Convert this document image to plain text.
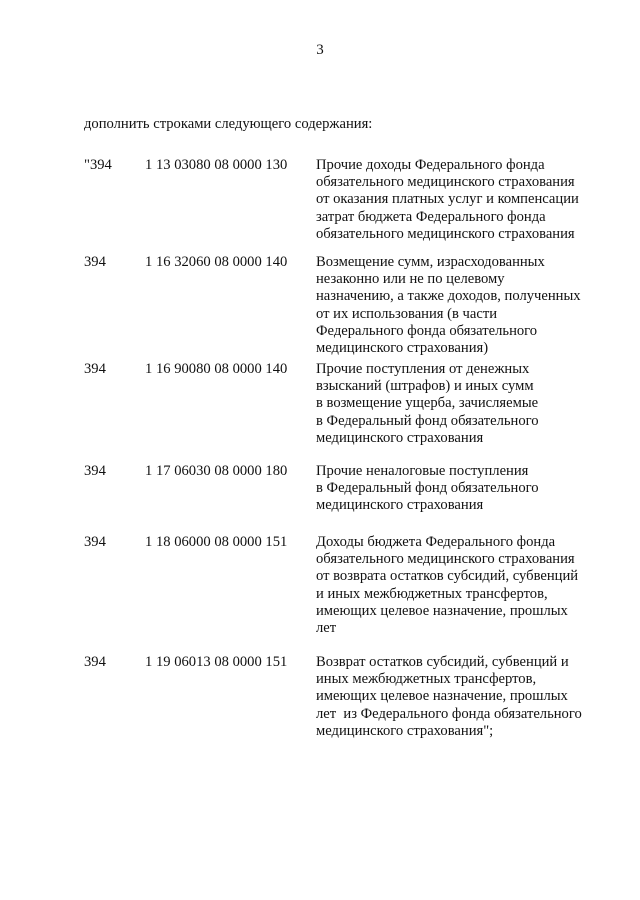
3
дополнить строками следующего содержания:
"394 1 13 03080 08 0000 130 Прочие доходы Федерального фонда
обязательного медицинского страхования
от оказания платных услуг и компенсации
затрат бюджета Федерального фонда
обязательного медицинского страхования
394	1 16 32060 08 0000 140 Возмещение сумм, израсходованных
незаконно или не по целевому
назначению, а также доходов, полученных
от их использования (в части
Федерального фонда обязательного
медицинского страхования)
394	1 16 90080 08 0000 140 Прочие поступления от денежных
взысканий (штрафов) и иных сумм
в возмещение ущерба, зачисляемые
в Федеральный фонд обязательного
медицинского страхования
394	1 17 06030 08 0000 180 Прочие неналоговые поступления
в Федеральный фонд обязательного
медицинского страхования
394	1 18 06000 08 0000 151 Доходы бюджета Федерального фонда
обязательного медицинского страхования
от возврата остатков субсидий, субвенций
и иных межбюджетных трансфертов,
имеющих целевое назначение, прошлых
лет
394	1 19 06013 08 0000 151 Возврат остатков субсидий, субвенций и
иных межбюджетных трансфертов,
имеющих целевое назначение, прошлых
лет  из Федерального фонда обязательного
медицинского страхования";
